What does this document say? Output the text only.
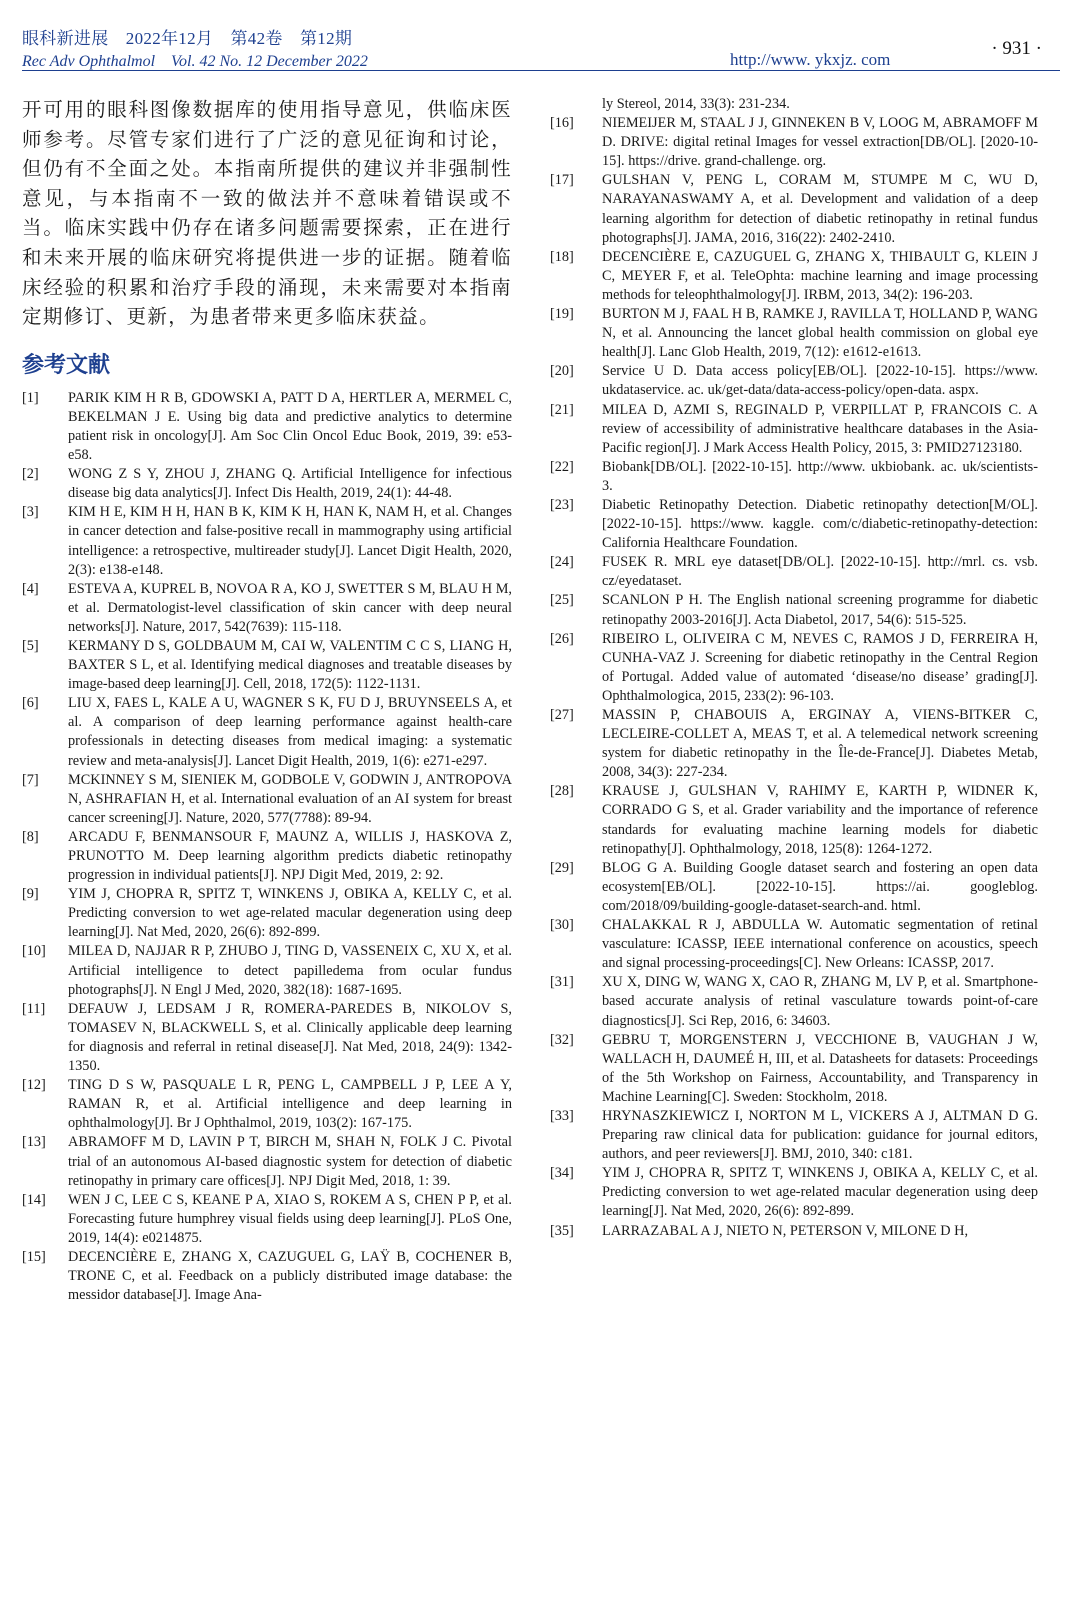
眼科新进展　2022年12月　第42卷　第12期
Rec Adv Ophthalmol　Vol. 42 No. 12 December 2022	http://www. ykxjz. com
· 931 ·

开可用的眼科图像数据库的使用指导意见，供临床医师参考。尽管专家们进行了广泛的意见征询和讨论，但仍有不全面之处。本指南所提供的建议并非强制性意见，与本指南不一致的做法并不意味着错误或不当。临床实践中仍存在诸多问题需要探索，正在进行和未来开展的临床研究将提供进一步的证据。随着临床经验的积累和治疗手段的涌现，未来需要对本指南定期修订、更新，为患者带来更多临床获益。

参考文献
[1]	PARIK KIM H R B, GDOWSKI A, PATT D A, HERTLER A, MERMEL C, BEKELMAN J E. Using big data and predictive analytics to determine patient risk in oncology[J]. Am Soc Clin Oncol Educ Book, 2019, 39: e53-e58.
[2]	WONG Z S Y, ZHOU J, ZHANG Q. Artificial Intelligence for infectious disease big data analytics[J]. Infect Dis Health, 2019, 24(1): 44-48.
[3]	KIM H E, KIM H H, HAN B K, KIM K H, HAN K, NAM H, et al. Changes in cancer detection and false-positive recall in mammography using artificial intelligence: a retrospective, multireader study[J]. Lancet Digit Health, 2020, 2(3): e138-e148.
[4]	ESTEVA A, KUPREL B, NOVOA R A, KO J, SWETTER S M, BLAU H M, et al. Dermatologist-level classification of skin cancer with deep neural networks[J]. Nature, 2017, 542(7639): 115-118.
[5]	KERMANY D S, GOLDBAUM M, CAI W, VALENTIM C C S, LIANG H, BAXTER S L, et al. Identifying medical diagnoses and treatable diseases by image-based deep learning[J]. Cell, 2018, 172(5): 1122-1131.
[6]	LIU X, FAES L, KALE A U, WAGNER S K, FU D J, BRUYNSEELS A, et al. A comparison of deep learning performance against health-care professionals in detecting diseases from medical imaging: a systematic review and meta-analysis[J]. Lancet Digit Health, 2019, 1(6): e271-e297.
[7]	MCKINNEY S M, SIENIEK M, GODBOLE V, GODWIN J, ANTROPOVA N, ASHRAFIAN H, et al. International evaluation of an AI system for breast cancer screening[J]. Nature, 2020, 577(7788): 89-94.
[8]	ARCADU F, BENMANSOUR F, MAUNZ A, WILLIS J, HASKOVA Z, PRUNOTTO M. Deep learning algorithm predicts diabetic retinopathy progression in individual patients[J]. NPJ Digit Med, 2019, 2: 92.
[9]	YIM J, CHOPRA R, SPITZ T, WINKENS J, OBIKA A, KELLY C, et al. Predicting conversion to wet age-related macular degeneration using deep learning[J]. Nat Med, 2020, 26(6): 892-899.
[10]	MILEA D, NAJJAR R P, ZHUBO J, TING D, VASSENEIX C, XU X, et al. Artificial intelligence to detect papilledema from ocular fundus photographs[J]. N Engl J Med, 2020, 382(18): 1687-1695.
[11]	DEFAUW J, LEDSAM J R, ROMERA-PAREDES B, NIKOLOV S, TOMASEV N, BLACKWELL S, et al. Clinically applicable deep learning for diagnosis and referral in retinal disease[J]. Nat Med, 2018, 24(9): 1342-1350.
[12]	TING D S W, PASQUALE L R, PENG L, CAMPBELL J P, LEE A Y, RAMAN R, et al. Artificial intelligence and deep learning in ophthalmology[J]. Br J Ophthalmol, 2019, 103(2): 167-175.
[13]	ABRAMOFF M D, LAVIN P T, BIRCH M, SHAH N, FOLK J C. Pivotal trial of an autonomous AI-based diagnostic system for detection of diabetic retinopathy in primary care offices[J]. NPJ Digit Med, 2018, 1: 39.
[14]	WEN J C, LEE C S, KEANE P A, XIAO S, ROKEM A S, CHEN P P, et al. Forecasting future humphrey visual fields using deep learning[J]. PLoS One, 2019, 14(4): e0214875.
[15]	DECENCIÈRE E, ZHANG X, CAZUGUEL G, LAŸ B, COCHENER B, TRONE C, et al. Feedback on a publicly distributed image database: the messidor database[J]. Image Ana-
ly Stereol, 2014, 33(3): 231-234.
[16]	NIEMEIJER M, STAAL J J, GINNEKEN B V, LOOG M, ABRAMOFF M D. DRIVE: digital retinal Images for vessel extraction[DB/OL]. [2020-10-15]. https://drive. grand-challenge. org.
[17]	GULSHAN V, PENG L, CORAM M, STUMPE M C, WU D, NARAYANASWAMY A, et al. Development and validation of a deep learning algorithm for detection of diabetic retinopathy in retinal fundus photographs[J]. JAMA, 2016, 316(22): 2402-2410.
[18]	DECENCIÈRE E, CAZUGUEL G, ZHANG X, THIBAULT G, KLEIN J C, MEYER F, et al. TeleOphta: machine learning and image processing methods for teleophthalmology[J]. IRBM, 2013, 34(2): 196-203.
[19]	BURTON M J, FAAL H B, RAMKE J, RAVILLA T, HOLLAND P, WANG N, et al. Announcing the lancet global health commission on global eye health[J]. Lanc Glob Health, 2019, 7(12): e1612-e1613.
[20]	Service U D. Data access policy[EB/OL]. [2022-10-15]. https://www. ukdataservice. ac. uk/get-data/data-access-policy/open-data. aspx.
[21]	MILEA D, AZMI S, REGINALD P, VERPILLAT P, FRANCOIS C. A review of accessibility of administrative healthcare databases in the Asia-Pacific region[J]. J Mark Access Health Policy, 2015, 3: PMID27123180.
[22]	Biobank[DB/OL]. [2022-10-15]. http://www. ukbiobank. ac. uk/scientists-3.
[23]	Diabetic Retinopathy Detection. Diabetic retinopathy detection[M/OL]. [2022-10-15]. https://www. kaggle. com/c/diabetic-retinopathy-detection: California Healthcare Foundation.
[24]	FUSEK R. MRL eye dataset[DB/OL]. [2022-10-15]. http://mrl. cs. vsb. cz/eyedataset.
[25]	SCANLON P H. The English national screening programme for diabetic retinopathy 2003-2016[J]. Acta Diabetol, 2017, 54(6): 515-525.
[26]	RIBEIRO L, OLIVEIRA C M, NEVES C, RAMOS J D, FERREIRA H, CUNHA-VAZ J. Screening for diabetic retinopathy in the Central Region of Portugal. Added value of automated ‘disease/no disease’ grading[J]. Ophthalmologica, 2015, 233(2): 96-103.
[27]	MASSIN P, CHABOUIS A, ERGINAY A, VIENS-BITKER C, LECLEIRE-COLLET A, MEAS T, et al. A telemedical network screening system for diabetic retinopathy in the Île-de-France[J]. Diabetes Metab, 2008, 34(3): 227-234.
[28]	KRAUSE J, GULSHAN V, RAHIMY E, KARTH P, WIDNER K, CORRADO G S, et al. Grader variability and the importance of reference standards for evaluating machine learning models for diabetic retinopathy[J]. Ophthalmology, 2018, 125(8): 1264-1272.
[29]	BLOG G A. Building Google dataset search and fostering an open data ecosystem[EB/OL]. [2022-10-15]. https://ai. googleblog. com/2018/09/building-google-dataset-search-and. html.
[30]	CHALAKKAL R J, ABDULLA W. Automatic segmentation of retinal vasculature: ICASSP, IEEE international conference on acoustics, speech and signal processing-proceedings[C]. New Orleans: ICASSP, 2017.
[31]	XU X, DING W, WANG X, CAO R, ZHANG M, LV P, et al. Smartphone-based accurate analysis of retinal vasculature towards point-of-care diagnostics[J]. Sci Rep, 2016, 6: 34603.
[32]	GEBRU T, MORGENSTERN J, VECCHIONE B, VAUGHAN J W, WALLACH H, DAUMEÉ H, III, et al. Datasheets for datasets: Proceedings of the 5th Workshop on Fairness, Accountability, and Transparency in Machine Learning[C]. Sweden: Stockholm, 2018.
[33]	HRYNASZKIEWICZ I, NORTON M L, VICKERS A J, ALTMAN D G. Preparing raw clinical data for publication: guidance for journal editors, authors, and peer reviewers[J]. BMJ, 2010, 340: c181.
[34]	YIM J, CHOPRA R, SPITZ T, WINKENS J, OBIKA A, KELLY C, et al. Predicting conversion to wet age-related macular degeneration using deep learning[J]. Nat Med, 2020, 26(6): 892-899.
[35]	LARRAZABAL A J, NIETO N, PETERSON V, MILONE D H,
